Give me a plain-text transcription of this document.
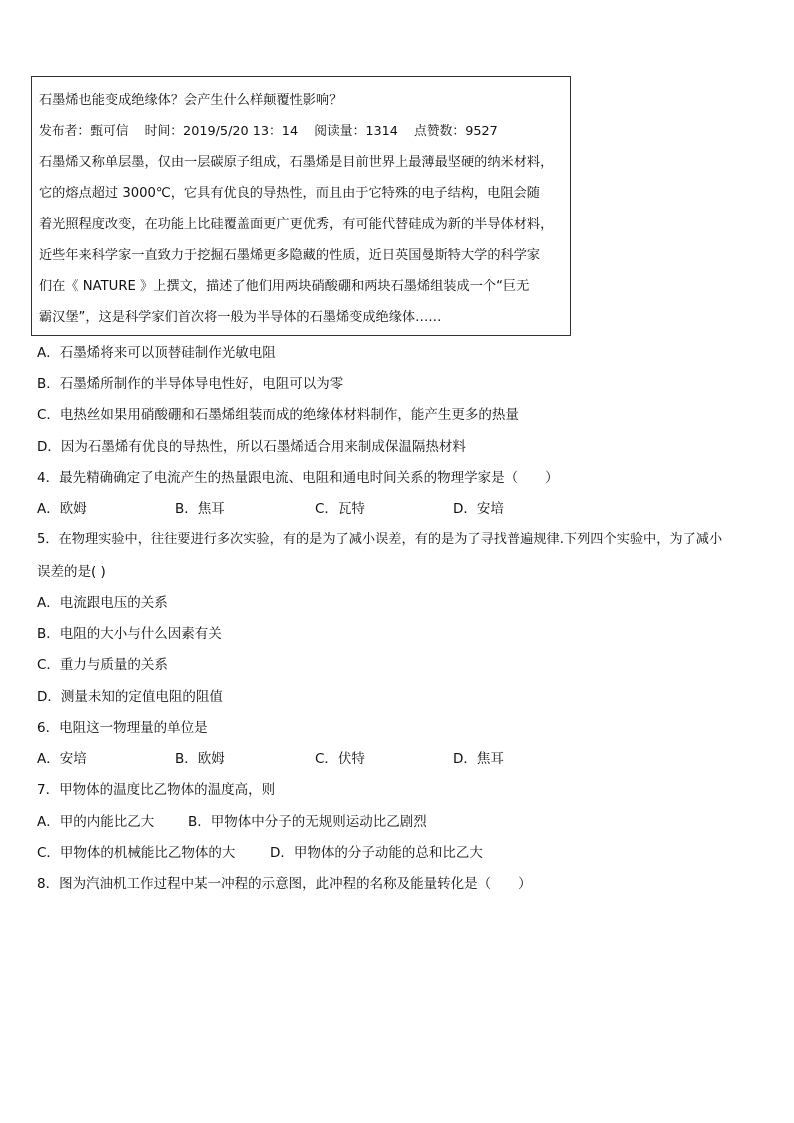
石墨烯也能变成绝缘体？会产生什么样颠覆性影响？
发布者：甄可信 时间：2019/5/20 13：14 阅读量：1314 点赞数：9527
石墨烯又称单层墨，仅由一层碳原子组成，石墨烯是目前世界上最薄最坚硬的纳米材料，
它的熔点超过 3000℃，它具有优良的导热性，而且由于它特殊的电子结构，电阻会随
着光照程度改变，在功能上比硅覆盖面更广更优秀，有可能代替硅成为新的半导体材料，
近些年来科学家一直致力于挖掘石墨烯更多隐藏的性质，近日英国曼斯特大学的科学家
们在《 NATURE 》上撰文，描述了他们用两块硝酸硼和两块石墨烯组装成一个“巨无
霸汉堡”，这是科学家们首次将一般为半导体的石墨烯变成绝缘体……
A．石墨烯将来可以顶替硅制作光敏电阻
B．石墨烯所制作的半导体导电性好，电阻可以为零
C．电热丝如果用硝酸硼和石墨烯组装而成的绝缘体材料制作，能产生更多的热量
D．因为石墨烯有优良的导热性，所以石墨烯适合用来制成保温隔热材料
4．最先精确确定了电流产生的热量跟电流、电阻和通电时间关系的物理学家是（　　）
A．欧姆	B．焦耳	C．瓦特	D．安培
5．在物理实验中，往往要进行多次实验，有的是为了减小误差，有的是为了寻找普遍规律.下列四个实验中，为了减小
误差的是( )
A．电流跟电压的关系
B．电阻的大小与什么因素有关
C．重力与质量的关系
D．测量未知的定值电阻的阻值
6．电阻这一物理量的单位是
A．安培	B．欧姆	C．伏特	D．焦耳
7．甲物体的温度比乙物体的温度高，则
A．甲的内能比乙大	B．甲物体中分子的无规则运动比乙剧烈
C．甲物体的机械能比乙物体的大	D．甲物体的分子动能的总和比乙大
8．图为汽油机工作过程中某一冲程的示意图，此冲程的名称及能量转化是（　　）
